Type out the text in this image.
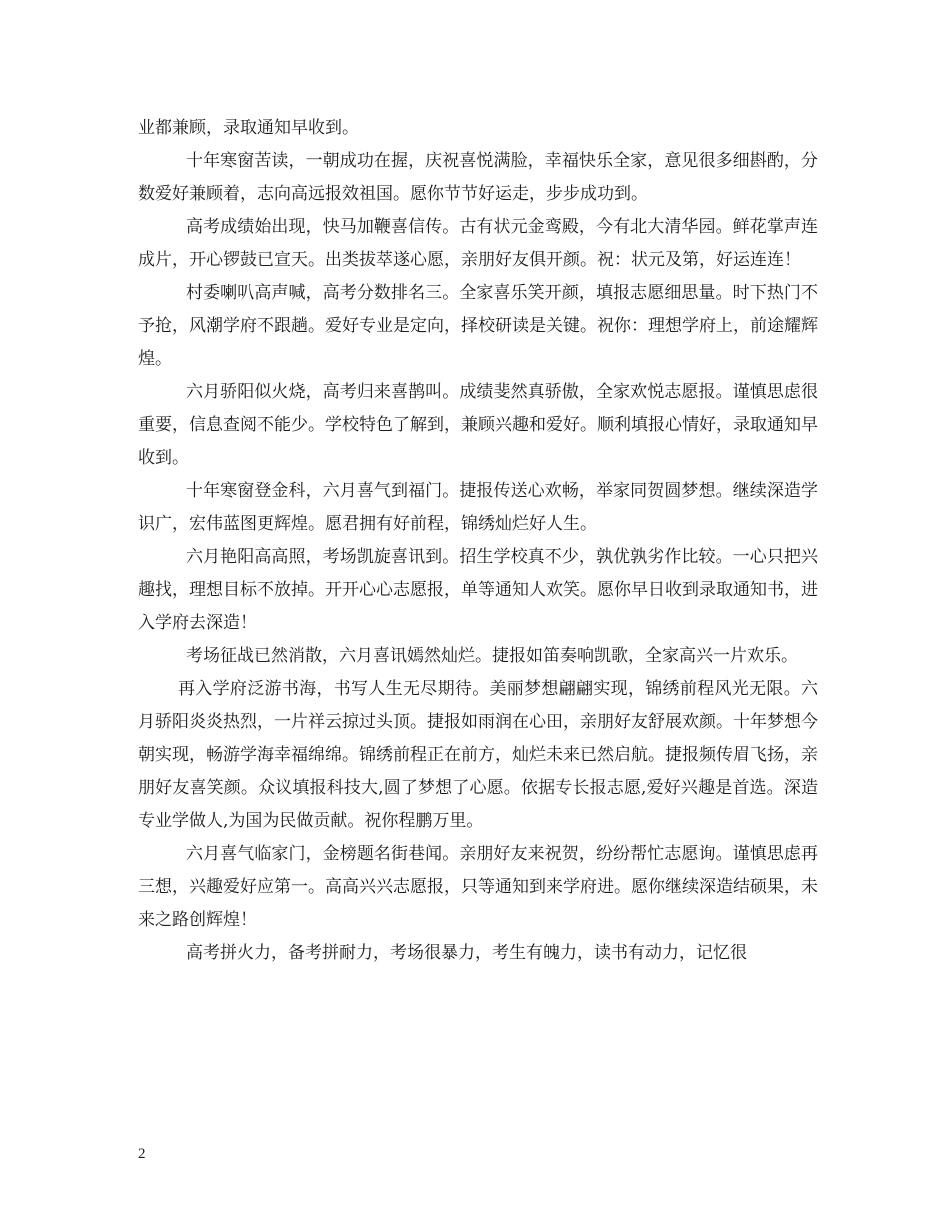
业都兼顾，录取通知早收到。

十年寒窗苦读，一朝成功在握，庆祝喜悦满脸，幸福快乐全家，意见很多细斟酌，分数爱好兼顾着，志向高远报效祖国。愿你节节好运走，步步成功到。

高考成绩始出现，快马加鞭喜信传。古有状元金鸾殿，今有北大清华园。鲜花掌声连成片，开心锣鼓已宣天。出类拔萃遂心愿，亲朋好友俱开颜。祝：状元及第，好运连连！

村委喇叭高声喊，高考分数排名三。全家喜乐笑开颜，填报志愿细思量。时下热门不予抢，风潮学府不跟趟。爱好专业是定向，择校研读是关键。祝你：理想学府上，前途耀辉煌。

六月骄阳似火烧，高考归来喜鹊叫。成绩斐然真骄傲，全家欢悦志愿报。谨慎思虑很重要，信息查阅不能少。学校特色了解到，兼顾兴趣和爱好。顺利填报心情好，录取通知早收到。

十年寒窗登金科，六月喜气到福门。捷报传送心欢畅，举家同贺圆梦想。继续深造学识广，宏伟蓝图更辉煌。愿君拥有好前程，锦绣灿烂好人生。

六月艳阳高高照，考场凯旋喜讯到。招生学校真不少，孰优孰劣作比较。一心只把兴趣找，理想目标不放掉。开开心心志愿报，单等通知人欢笑。愿你早日收到录取通知书，进入学府去深造！

考场征战已然消散，六月喜讯嫣然灿烂。捷报如笛奏响凯歌，全家高兴一片欢乐。

再入学府泛游书海，书写人生无尽期待。美丽梦想翩翩实现，锦绣前程风光无限。六月骄阳炎炎热烈，一片祥云掠过头顶。捷报如雨润在心田，亲朋好友舒展欢颜。十年梦想今朝实现，畅游学海幸福绵绵。锦绣前程正在前方，灿烂未来已然启航。捷报频传眉飞扬，亲朋好友喜笑颜。众议填报科技大,圆了梦想了心愿。依据专长报志愿,爱好兴趣是首选。深造专业学做人,为国为民做贡献。祝你程鹏万里。

六月喜气临家门，金榜题名街巷闻。亲朋好友来祝贺，纷纷帮忙志愿询。谨慎思虑再三想，兴趣爱好应第一。高高兴兴志愿报，只等通知到来学府进。愿你继续深造结硕果，未来之路创辉煌！

高考拼火力，备考拼耐力，考场很暴力，考生有魄力，读书有动力，记忆很

2
